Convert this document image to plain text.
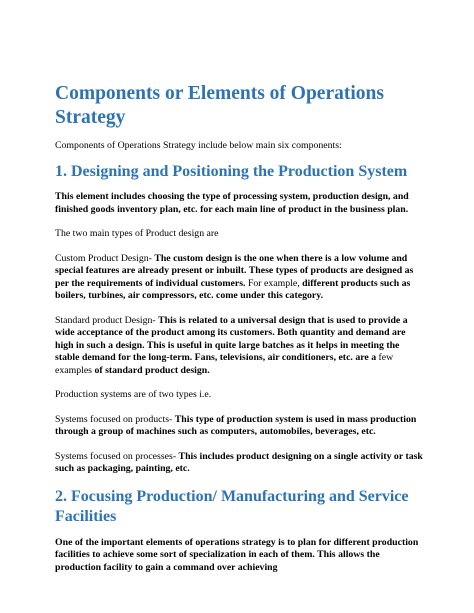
Components or Elements of Operations Strategy

Components of Operations Strategy include below main six components:

1. Designing and Positioning the Production System

This element includes choosing the type of processing system, production design, and finished goods inventory plan, etc. for each main line of product in the business plan.

The two main types of Product design are

Custom Product Design- The custom design is the one when there is a low volume and special features are already present or inbuilt. These types of products are designed as per the requirements of individual customers. For example, different products such as boilers, turbines, air compressors, etc. come under this category.

Standard product Design- This is related to a universal design that is used to provide a wide acceptance of the product among its customers. Both quantity and demand are high in such a design. This is useful in quite large batches as it helps in meeting the stable demand for the long-term. Fans, televisions, air conditioners, etc. are a few examples of standard product design.

Production systems are of two types i.e.

Systems focused on products- This type of production system is used in mass production through a group of machines such as computers, automobiles, beverages, etc.

Systems focused on processes- This includes product designing on a single activity or task such as packaging, painting, etc.

2. Focusing Production/ Manufacturing and Service Facilities

One of the important elements of operations strategy is to plan for different production facilities to achieve some sort of specialization in each of them. This allows the production facility to gain a command over achieving
